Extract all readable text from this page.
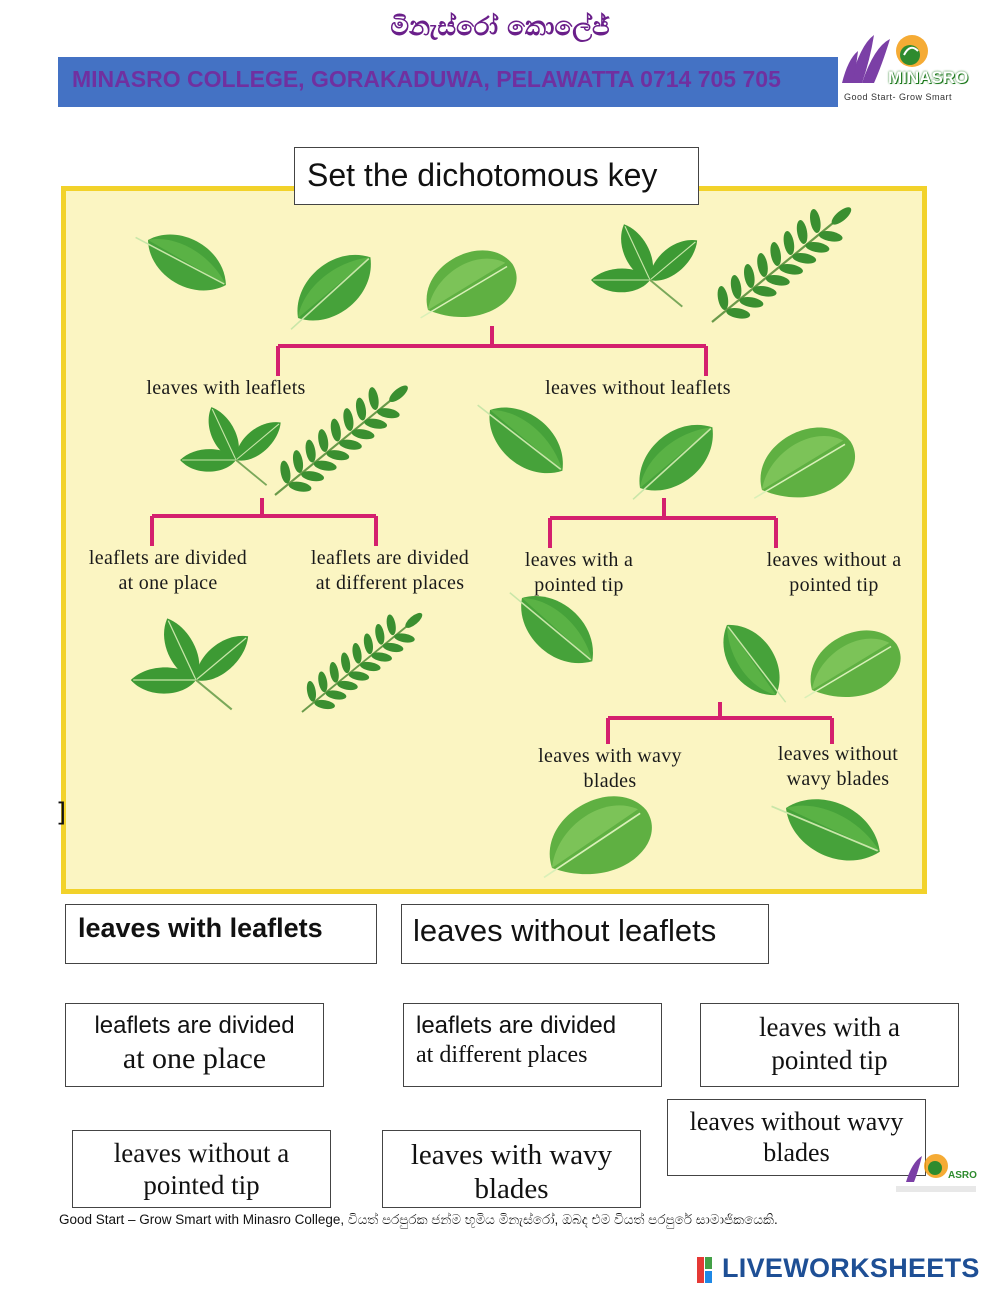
මිනැස්රෝ කොලේජ්
MINASRO COLLEGE, GORAKADUWA, PELAWATTA 0714 705 705	MINASRO
Good Start- Grow Smart
leaves with leaflets	leaves without leaflets
leaflets are divided
at one place
leaflets are divided
at different places
leaves with a
pointed tip
leaves without a
pointed tip
leaves with wavy
blades
leaves without
wavy blades
Set the dichotomous key
]
leaves with leaflets	leaves without leaflets
leaflets are divided
at one place
leaflets are divided
at different places
leaves with a
pointed tip
leaves without wavy
blades
leaves without a
pointed tip
leaves with wavy
blades	ASRO
Good Start – Grow Smart with Minasro College, වියත් පරපුරක ජන්ම භූමිය මිනැස්රෝ, ඔබද එම වියත් පරපුරේ සාමාජිකයෙකි.
LIVEWORKSHEETS
